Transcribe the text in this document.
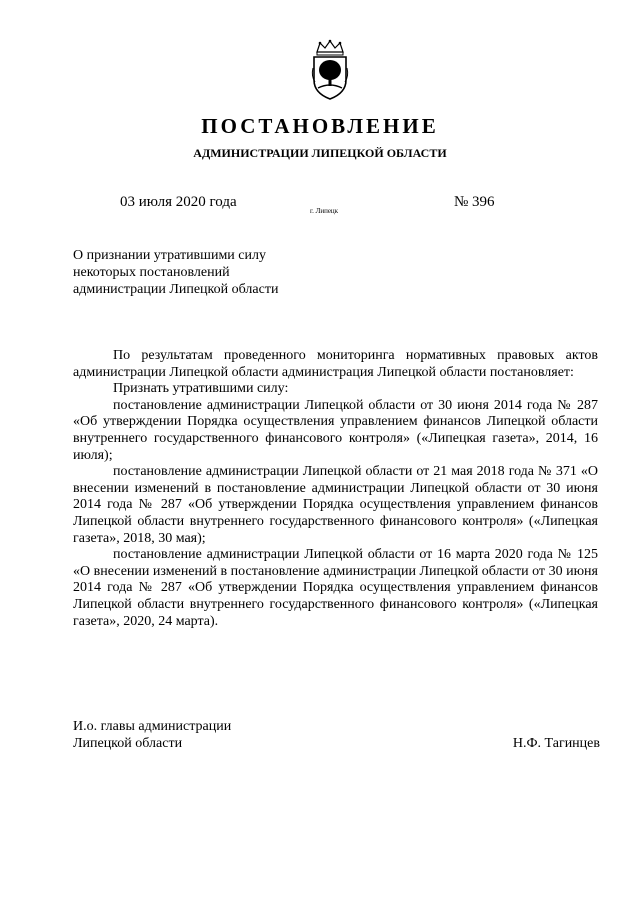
ПОСТАНОВЛЕНИЕ
АДМИНИСТРАЦИИ ЛИПЕЦКОЙ ОБЛАСТИ
03 июля 2020 года
г. Липецк
№ 396
О признании утратившими силу
некоторых постановлений
администрации Липецкой области

По результатам проведенного мониторинга нормативных правовых актов администрации Липецкой области администрация Липецкой области постановляет:

Признать утратившими силу:

постановление администрации Липецкой области от 30 июня 2014 года № 287 «Об утверждении Порядка осуществления управлением финансов Липецкой области внутреннего государственного финансового контроля» («Липецкая газета», 2014, 16 июля);

постановление администрации Липецкой области от 21 мая 2018 года № 371 «О внесении изменений в постановление администрации Липецкой области от 30 июня 2014 года № 287 «Об утверждении Порядка осуществления управлением финансов Липецкой области внутреннего государственного финансового контроля» («Липецкая газета», 2018, 30 мая);

постановление администрации Липецкой области от 16 марта 2020 года № 125 «О внесении изменений в постановление администрации Липецкой области от 30 июня 2014 года № 287 «Об утверждении Порядка осуществления управлением финансов Липецкой области внутреннего государственного финансового контроля» («Липецкая газета», 2020, 24 марта).

И.о. главы администрации
Липецкой области	Н.Ф. Тагинцев
